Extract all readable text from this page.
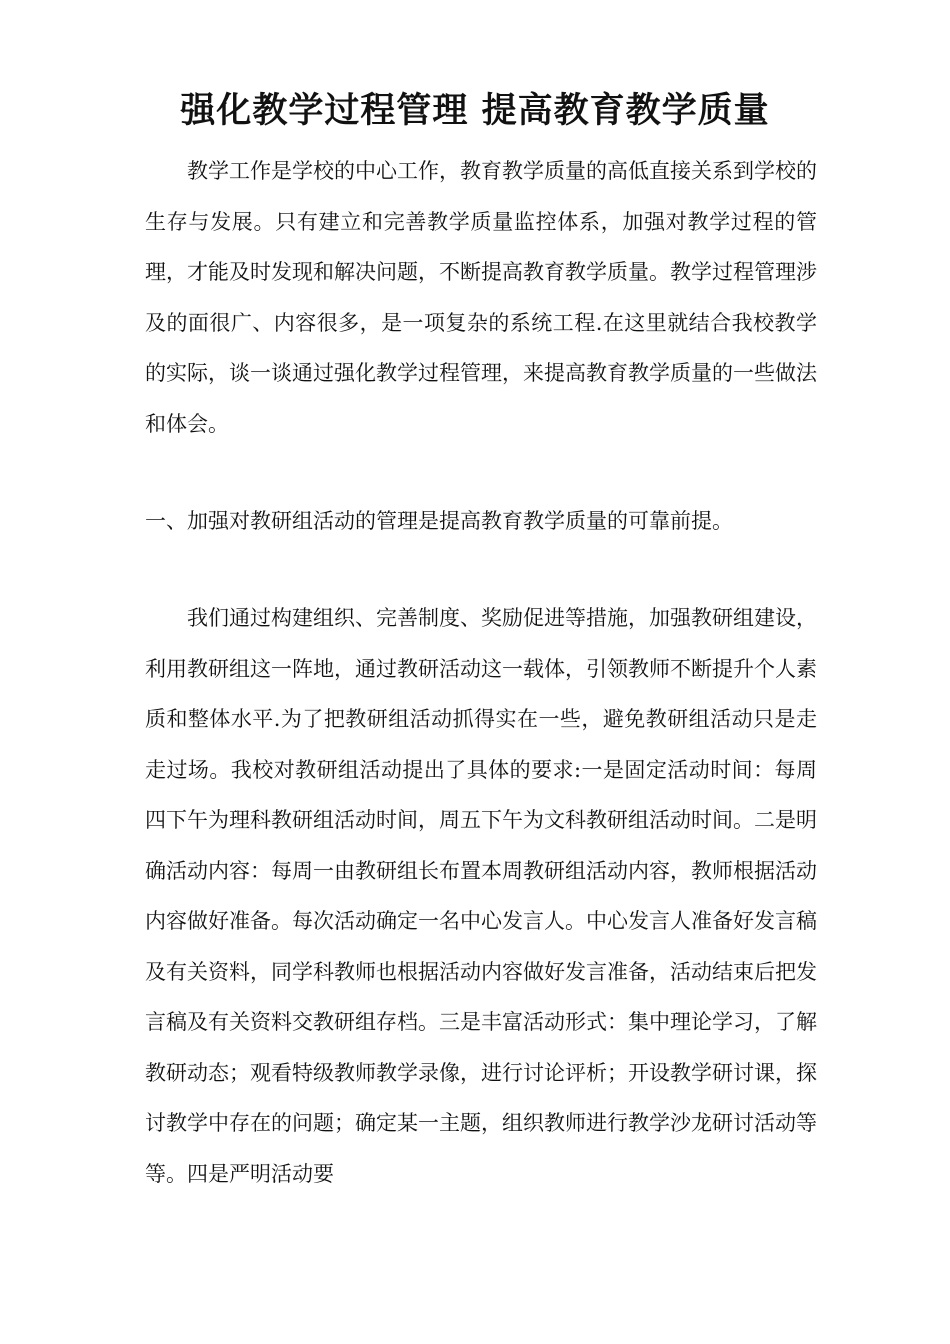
强化教学过程管理 提高教育教学质量

教学工作是学校的中心工作，教育教学质量的高低直接关系到学校的生存与发展。只有建立和完善教学质量监控体系，加强对教学过程的管理，才能及时发现和解决问题，不断提高教育教学质量。教学过程管理涉及的面很广、内容很多，是一项复杂的系统工程.在这里就结合我校教学的实际，谈一谈通过强化教学过程管理，来提高教育教学质量的一些做法和体会。

一、加强对教研组活动的管理是提高教育教学质量的可靠前提。

我们通过构建组织、完善制度、奖励促进等措施，加强教研组建设，利用教研组这一阵地，通过教研活动这一载体，引领教师不断提升个人素质和整体水平.为了把教研组活动抓得实在一些，避免教研组活动只是走走过场。我校对教研组活动提出了具体的要求:一是固定活动时间：每周四下午为理科教研组活动时间，周五下午为文科教研组活动时间。二是明确活动内容：每周一由教研组长布置本周教研组活动内容，教师根据活动内容做好准备。每次活动确定一名中心发言人。中心发言人准备好发言稿及有关资料，同学科教师也根据活动内容做好发言准备，活动结束后把发言稿及有关资料交教研组存档。三是丰富活动形式：集中理论学习，了解教研动态；观看特级教师教学录像，进行讨论评析；开设教学研讨课，探讨教学中存在的问题；确定某一主题，组织教师进行教学沙龙研讨活动等等。四是严明活动要
